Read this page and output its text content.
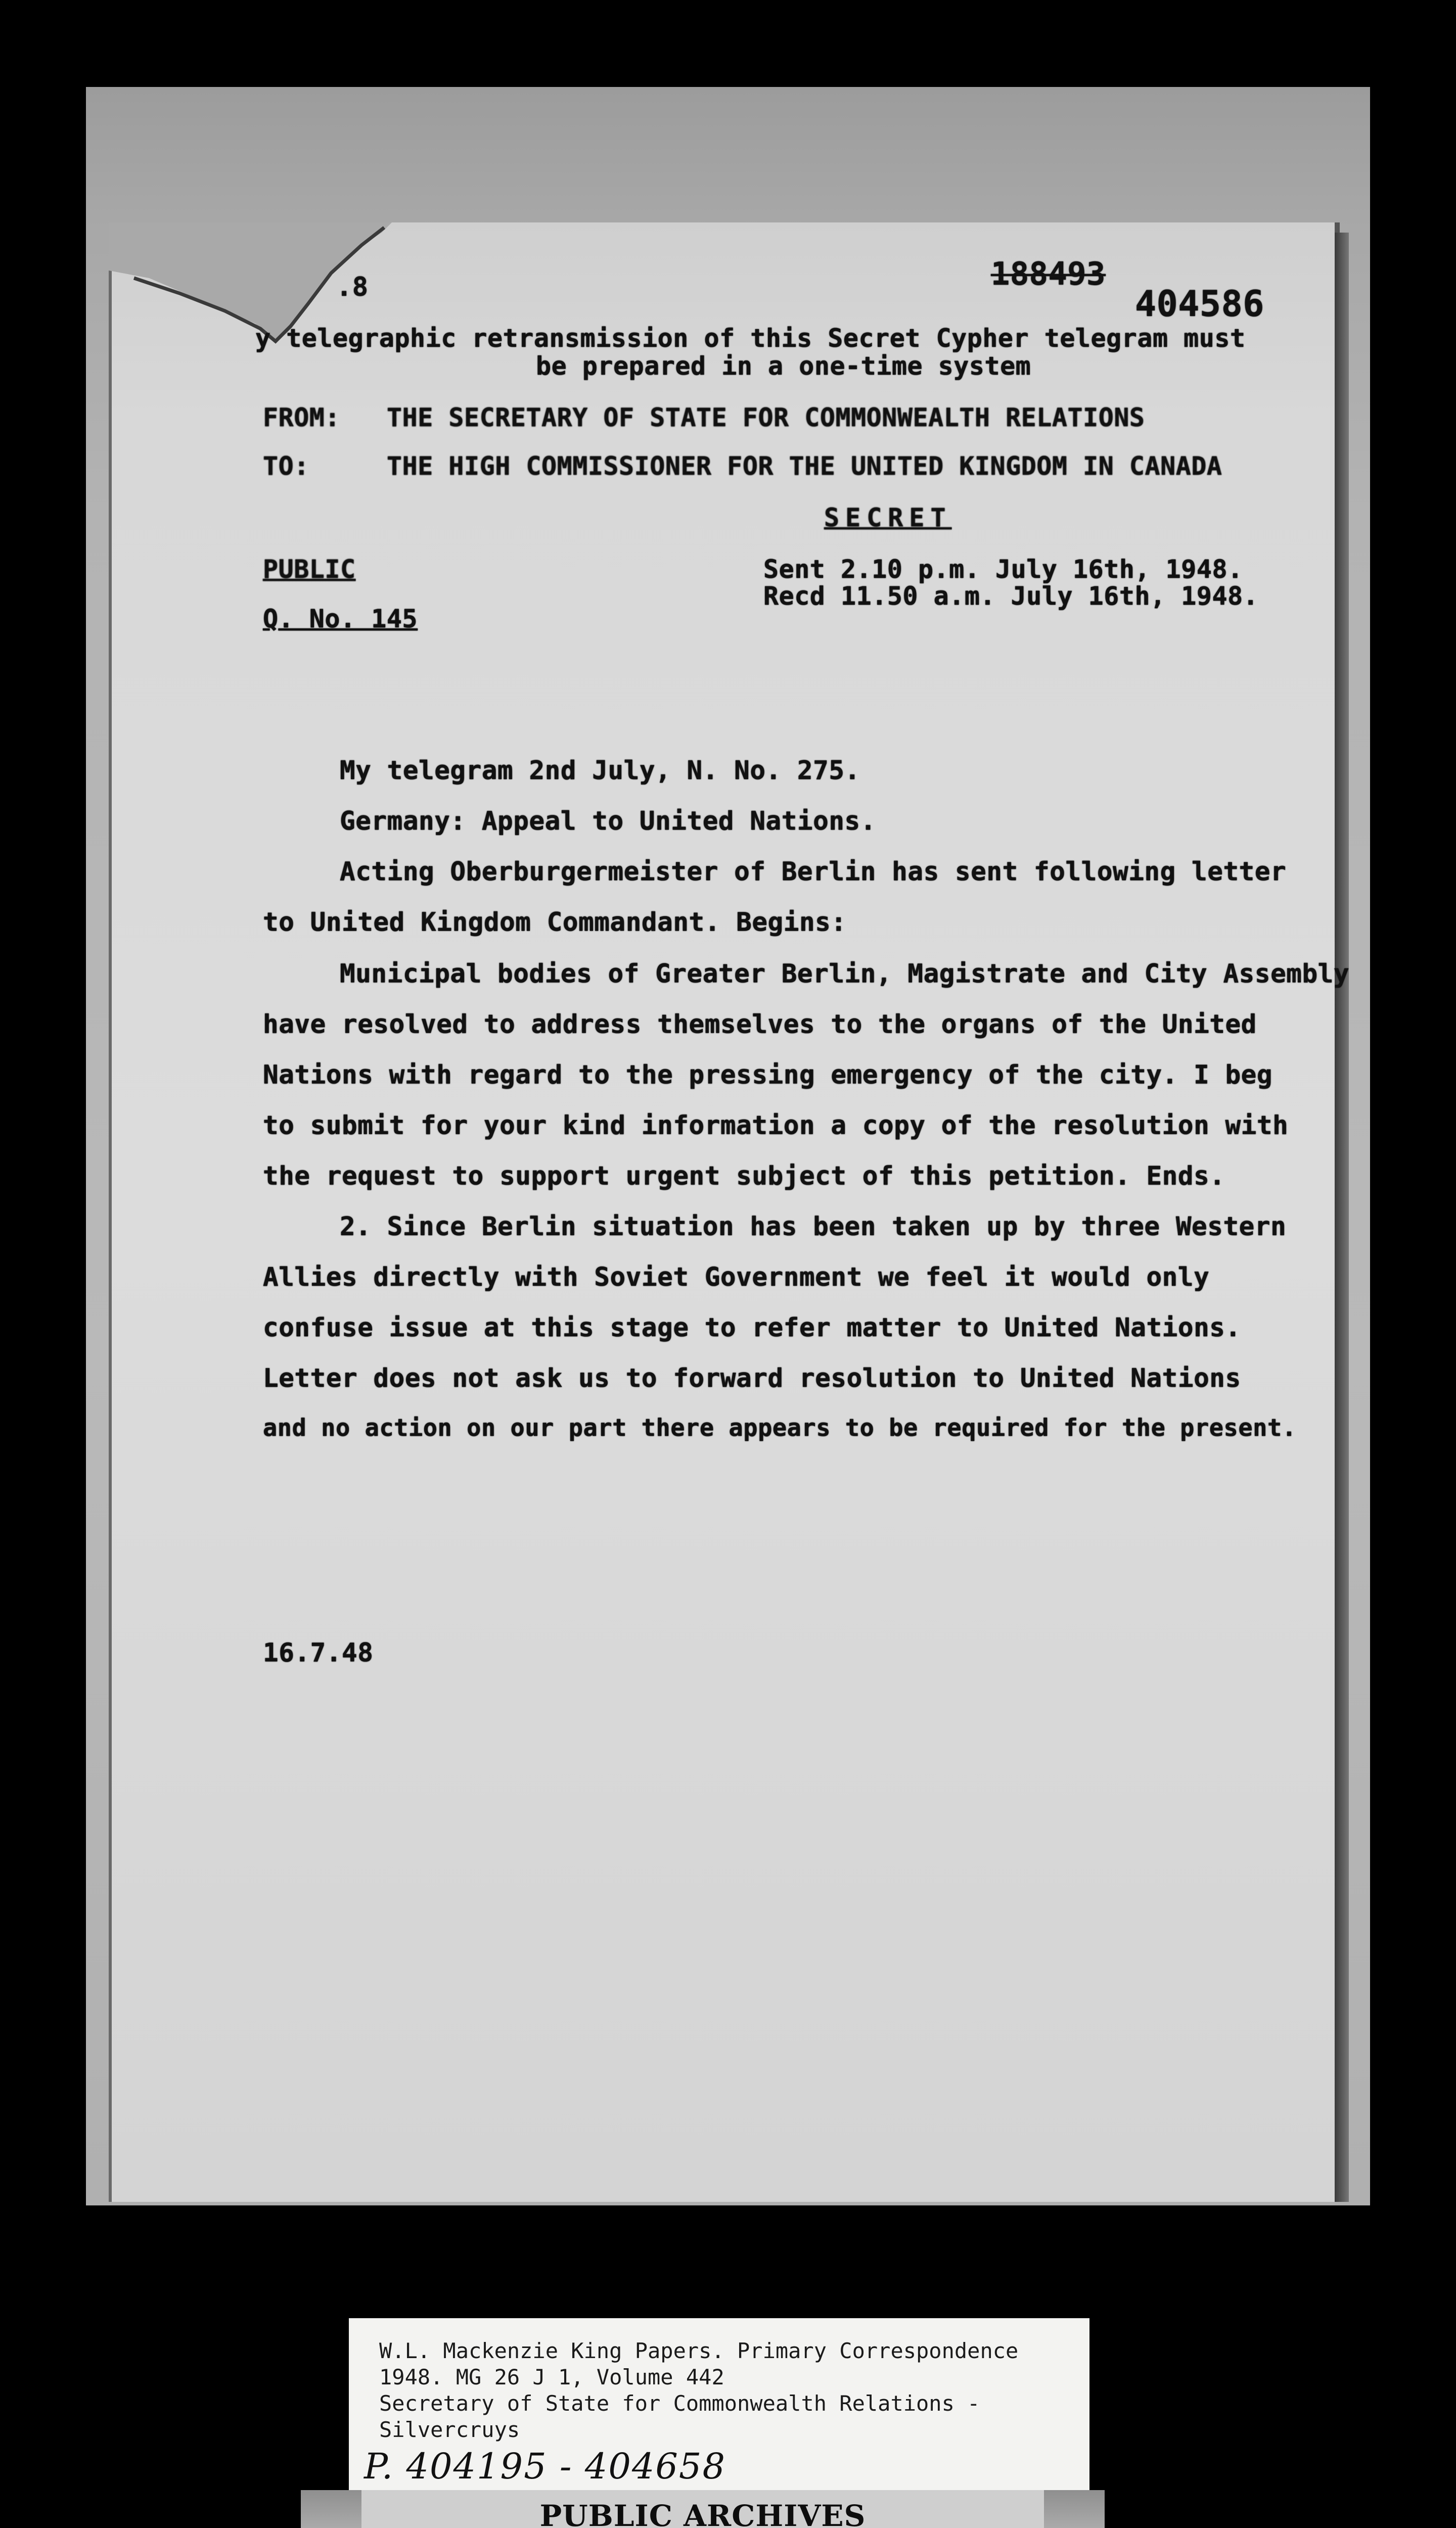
188493
404586
.8
y telegraphic retransmission of this Secret Cypher telegram must
be prepared in a one-time system
FROM: THE SECRETARY OF STATE FOR COMMONWEALTH RELATIONS
TO:	THE HIGH COMMISSIONER FOR THE UNITED KINGDOM IN CANADA
SECRET
PUBLIC
Q. No. 145
Sent 2.10 p.m. July 16th, 1948.
Recd 11.50 a.m. July 16th, 1948.
My telegram 2nd July, N. No. 275.
Germany: Appeal to United Nations.
Acting Oberburgermeister of Berlin has sent following letter
to United Kingdom Commandant. Begins:
Municipal bodies of Greater Berlin, Magistrate and City Assembly
have resolved to address themselves to the organs of the United
Nations with regard to the pressing emergency of the city. I beg
to submit for your kind information a copy of the resolution with
the request to support urgent subject of this petition. Ends.
2. Since Berlin situation has been taken up by three Western
Allies directly with Soviet Government we feel it would only
confuse issue at this stage to refer matter to United Nations.
Letter does not ask us to forward resolution to United Nations
and no action on our part there appears to be required for the present.
16.7.48
W.L. Mackenzie King Papers. Primary Correspondence
1948. MG 26 J 1, Volume 442
Secretary of State for Commonwealth Relations -
Silvercruys
P. 404195 - 404658
PUBLIC ARCHIVES
